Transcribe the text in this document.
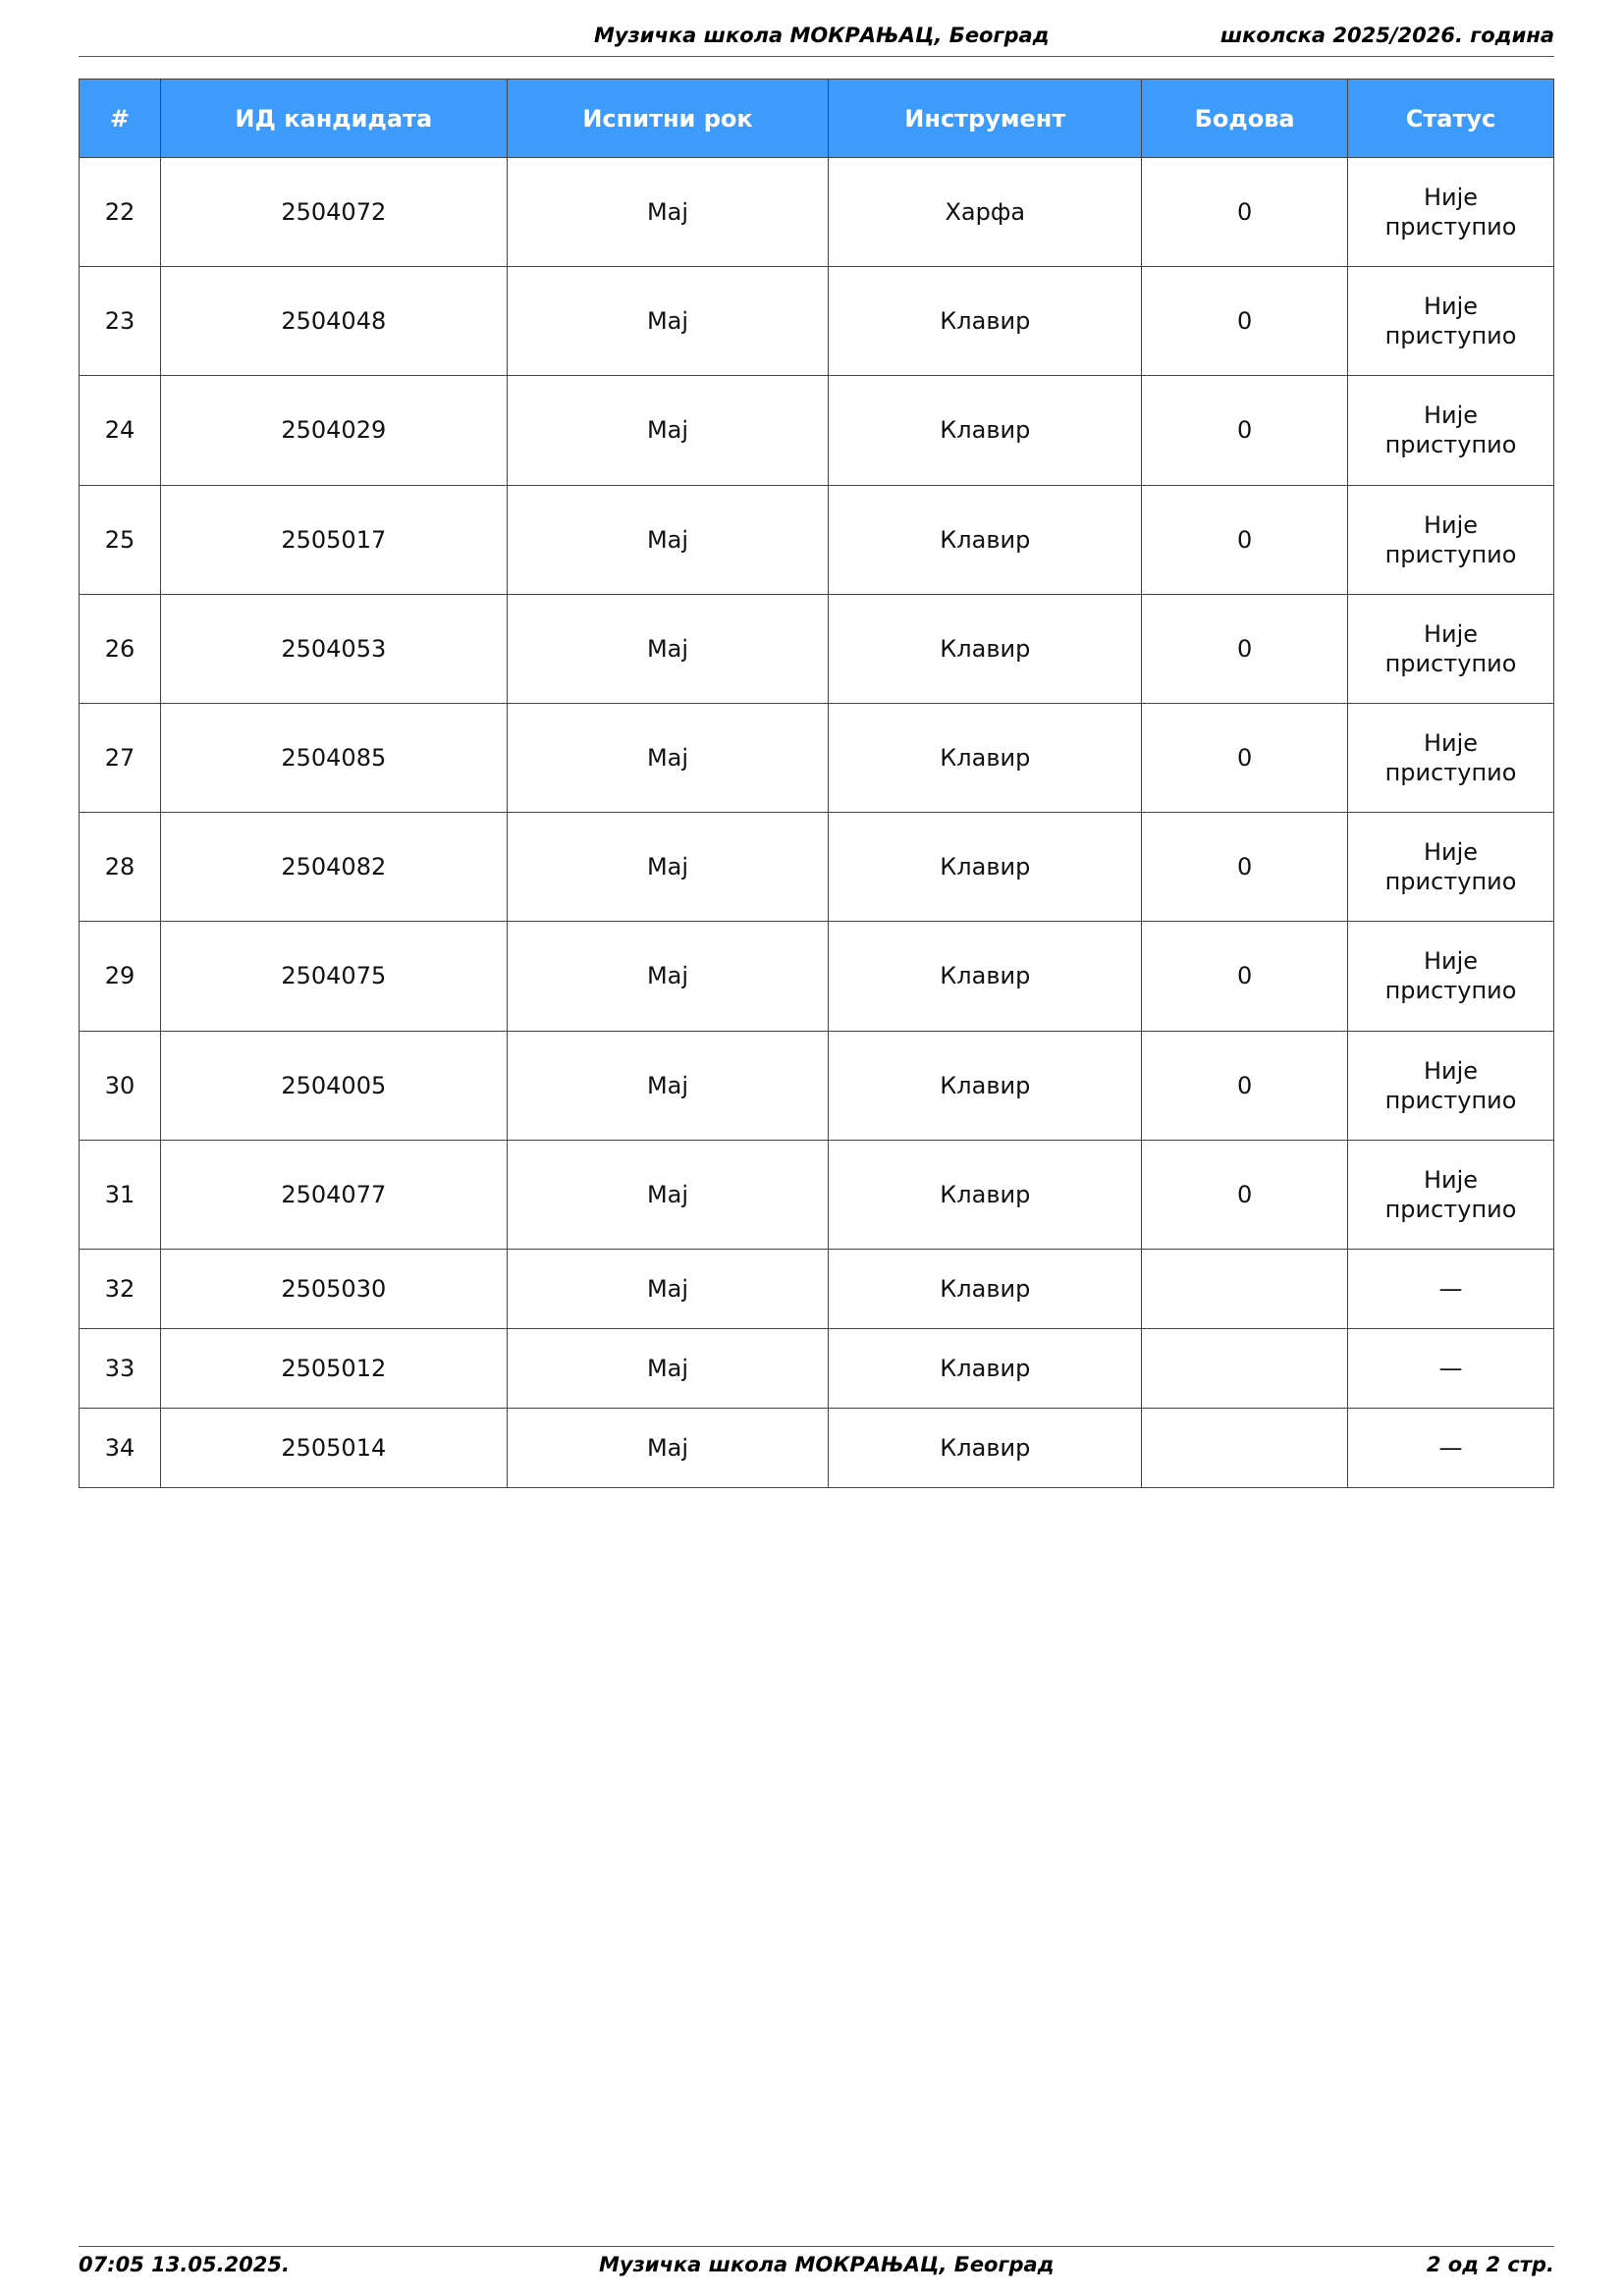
Музичка школа МОКРАЊАЦ, Београд	школска 2025/2026. година
#	ИД кандидата	Испитни рок	Инструмент	Бодова	Статус
22	2504072	Мај	Харфа	0	Није
приступио

23	2504048	Мај	Клавир	0	Није
приступио

24	2504029	Мај	Клавир	0	Није
приступио

25	2505017	Мај	Клавир	0	Није
приступио

26	2504053	Мај	Клавир	0	Није
приступио

27	2504085	Мај	Клавир	0	Није
приступио

28	2504082	Мај	Клавир	0	Није
приступио

29	2504075	Мај	Клавир	0	Није
приступио

30	2504005	Мај	Клавир	0	Није
приступио

31	2504077	Мај	Клавир	0	Није
приступио

32	2505030	Мај	Клавир		—

33	2505012	Мај	Клавир		—

34	2505014	Мај	Клавир		—
07:05 13.05.2025.	Музичка школа МОКРАЊАЦ, Београд	2 од 2 стр.
